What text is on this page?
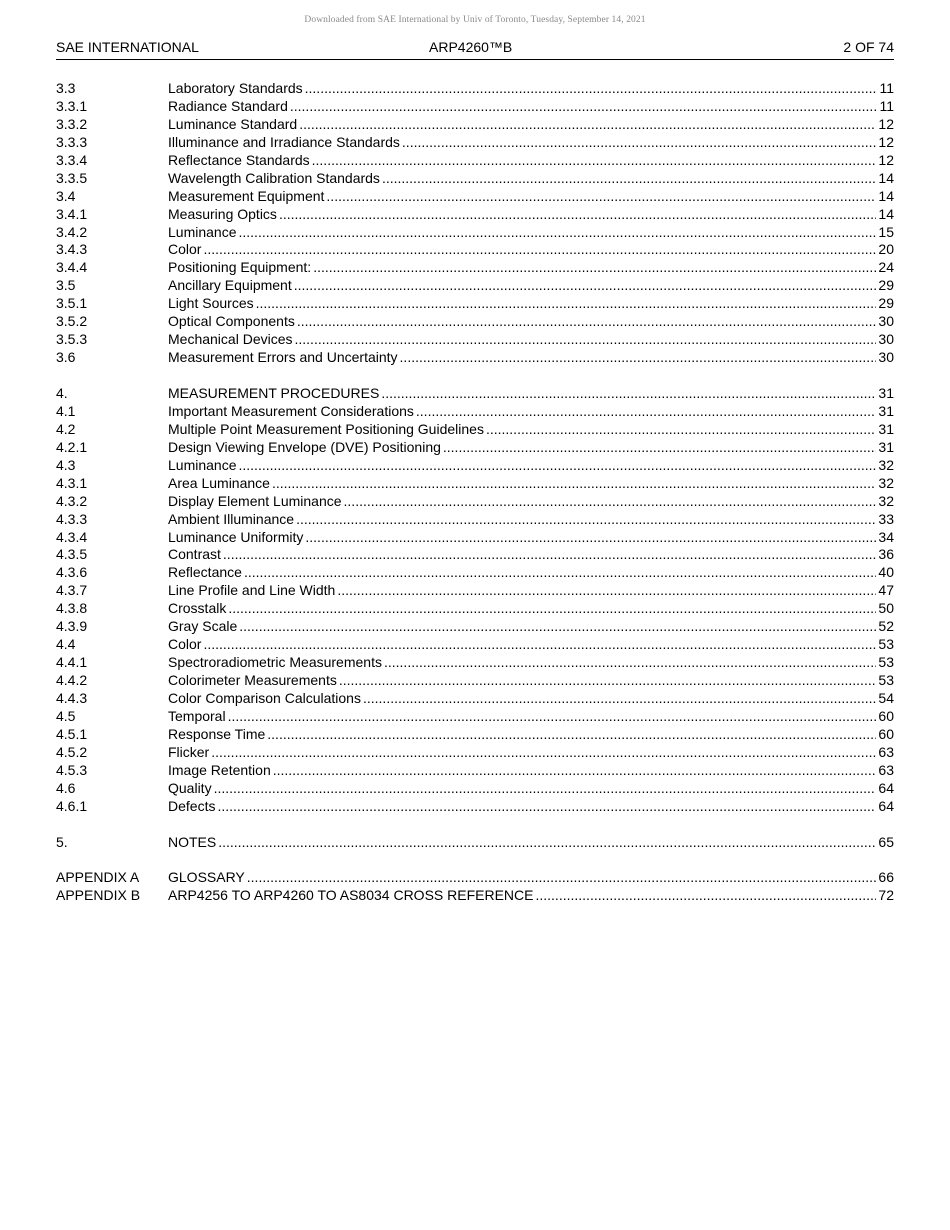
Downloaded from SAE International by Univ of Toronto, Tuesday, September 14, 2021
SAE INTERNATIONAL	ARP4260™B	2 OF 74
3.3	Laboratory Standards .....	11
3.3.1	Radiance Standard .....	11
3.3.2	Luminance Standard .....	12
3.3.3	Illuminance and Irradiance Standards .....	12
3.3.4	Reflectance Standards .....	12
3.3.5	Wavelength Calibration Standards .....	14
3.4	Measurement Equipment .....	14
3.4.1	Measuring Optics .....	14
3.4.2	Luminance .....	15
3.4.3	Color .....	20
3.4.4	Positioning Equipment: .....	24
3.5	Ancillary Equipment .....	29
3.5.1	Light Sources .....	29
3.5.2	Optical Components .....	30
3.5.3	Mechanical Devices .....	30
3.6	Measurement Errors and Uncertainty .....	30
4.	MEASUREMENT PROCEDURES .....	31
4.1	Important Measurement Considerations .....	31
4.2	Multiple Point Measurement Positioning Guidelines .....	31
4.2.1	Design Viewing Envelope (DVE) Positioning .....	31
4.3	Luminance .....	32
4.3.1	Area Luminance .....	32
4.3.2	Display Element Luminance .....	32
4.3.3	Ambient Illuminance .....	33
4.3.4	Luminance Uniformity .....	34
4.3.5	Contrast .....	36
4.3.6	Reflectance .....	40
4.3.7	Line Profile and Line Width .....	47
4.3.8	Crosstalk .....	50
4.3.9	Gray Scale .....	52
4.4	Color .....	53
4.4.1	Spectroradiometric Measurements .....	53
4.4.2	Colorimeter Measurements .....	53
4.4.3	Color Comparison Calculations .....	54
4.5	Temporal .....	60
4.5.1	Response Time .....	60
4.5.2	Flicker .....	63
4.5.3	Image Retention .....	63
4.6	Quality .....	64
4.6.1	Defects .....	64
5.	NOTES .....	65
APPENDIX A	GLOSSARY .....	66
APPENDIX B	ARP4256 TO ARP4260 TO AS8034 CROSS REFERENCE .....	72
